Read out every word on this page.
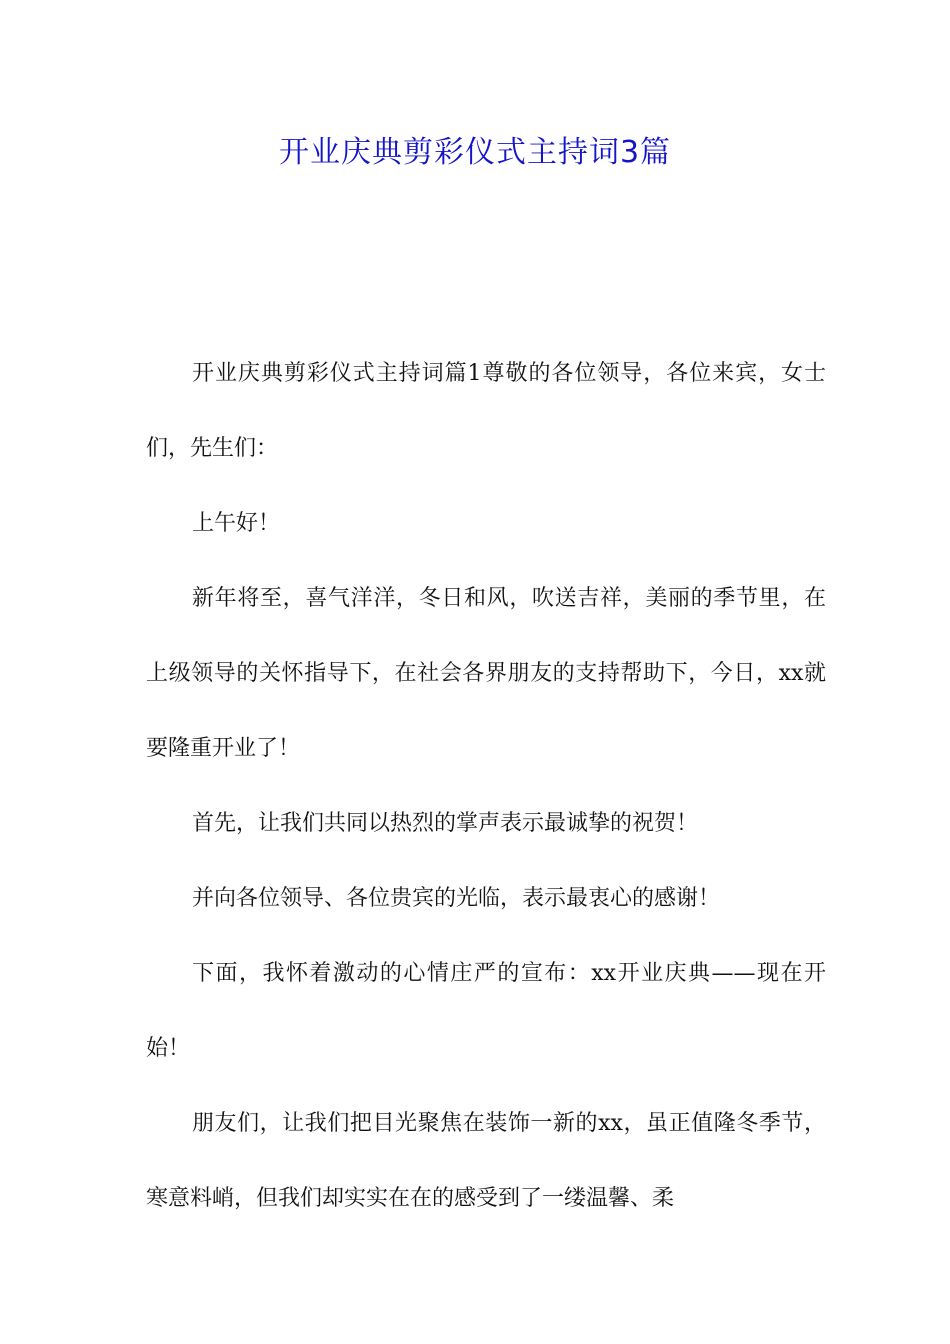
开业庆典剪彩仪式主持词3篇

开业庆典剪彩仪式主持词篇1尊敬的各位领导，各位来宾，女士们，先生们：

上午好！

新年将至，喜气洋洋，冬日和风，吹送吉祥，美丽的季节里，在上级领导的关怀指导下，在社会各界朋友的支持帮助下，今日，xx就要隆重开业了！

首先，让我们共同以热烈的掌声表示最诚挚的祝贺！

并向各位领导、各位贵宾的光临，表示最衷心的感谢！

下面，我怀着激动的心情庄严的宣布：xx开业庆典——现在开始！

朋友们，让我们把目光聚焦在装饰一新的xx，虽正值隆冬季节，寒意料峭，但我们却实实在在的感受到了一缕温馨、柔
